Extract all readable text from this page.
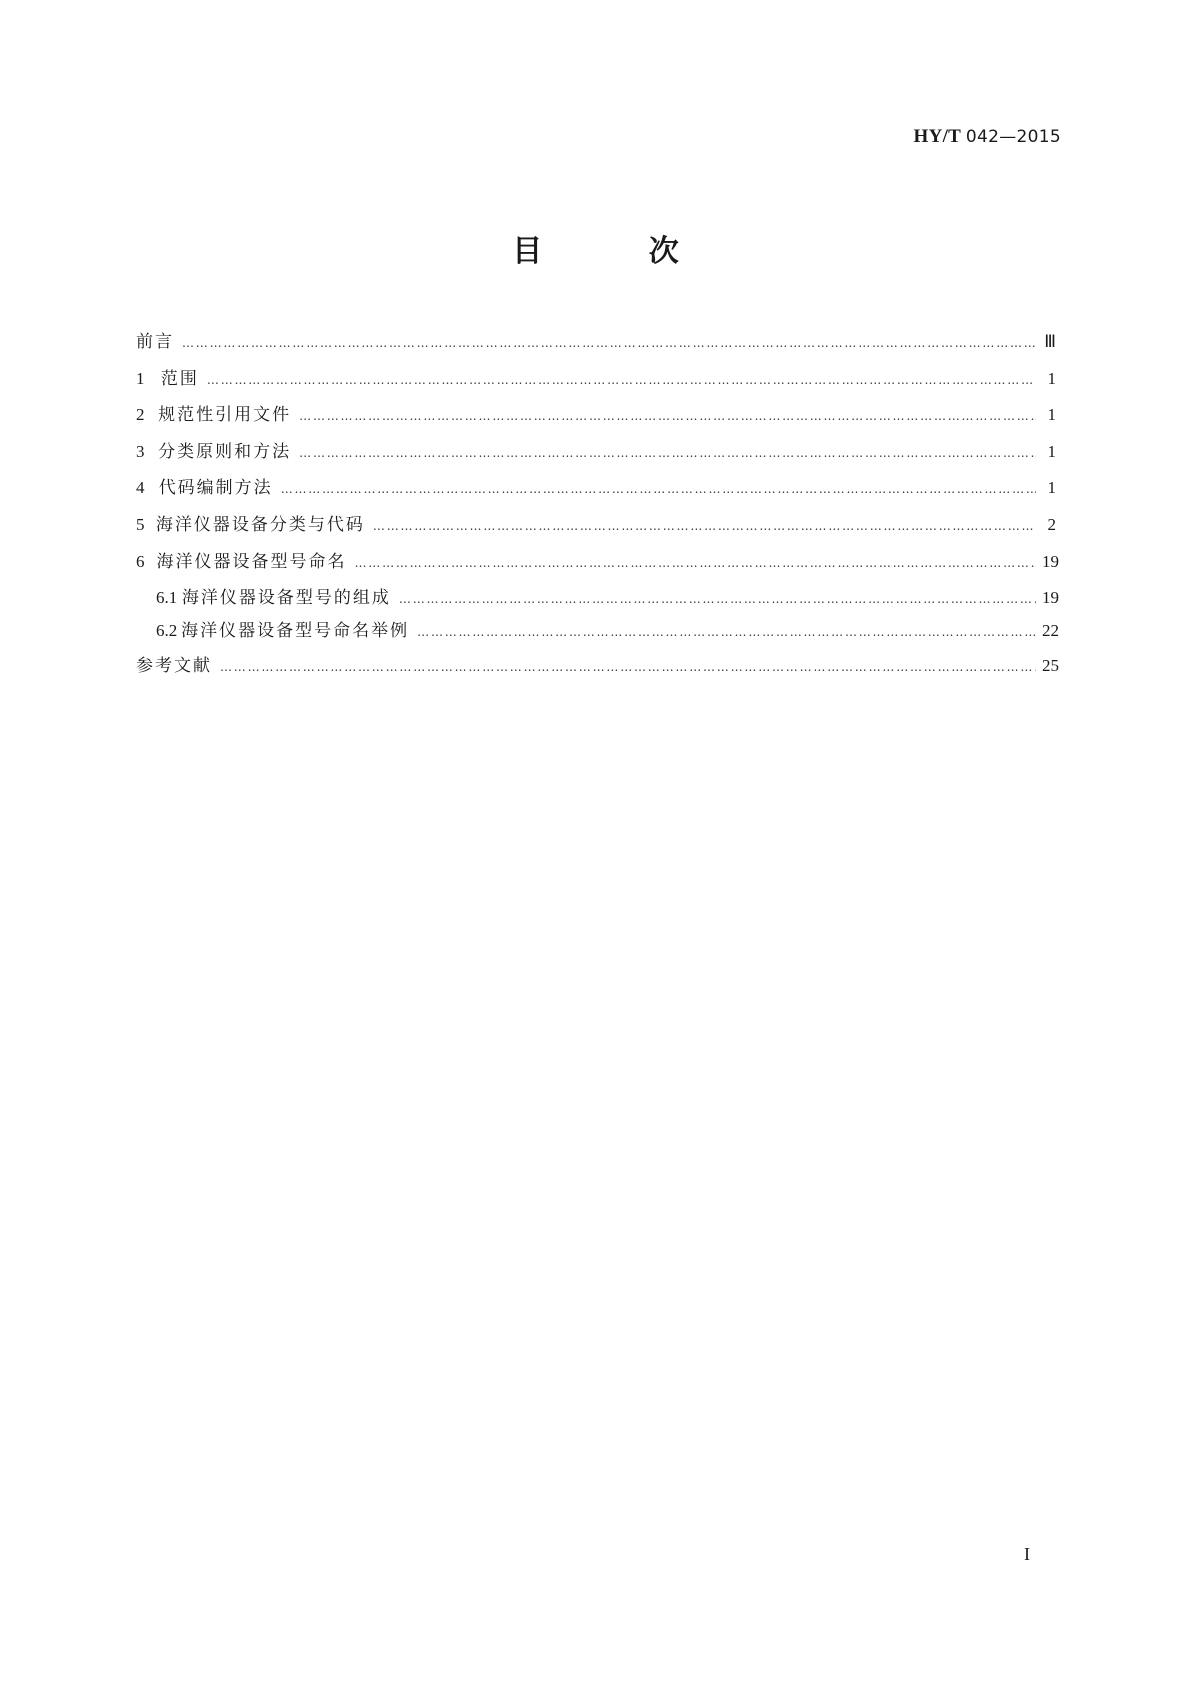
HY/T 042—2015
目 次
前言 …………………………………………………………………………………………………………………………………………………………………………………………………………………………	Ⅲ
1 范围 …………………………………………………………………………………………………………………………………………………………………………………………………………………………	1
2 规范性引用文件 …………………………………………………………………………………………………………………………………………………………………………………………………………………………	1
3 分类原则和方法 …………………………………………………………………………………………………………………………………………………………………………………………………………………………	1
4 代码编制方法 …………………………………………………………………………………………………………………………………………………………………………………………………………………………	1
5 海洋仪器设备分类与代码 …………………………………………………………………………………………………………………………………………………………………………………………………………………………	2
6 海洋仪器设备型号命名 …………………………………………………………………………………………………………………………………………………………………………………………………………………………	19
6.1 海洋仪器设备型号的组成 …………………………………………………………………………………………………………………………………………………………………………………………………………………………	19
6.2 海洋仪器设备型号命名举例 …………………………………………………………………………………………………………………………………………………………………………………………………………………………	22
参考文献 …………………………………………………………………………………………………………………………………………………………………………………………………………………………	25
I
